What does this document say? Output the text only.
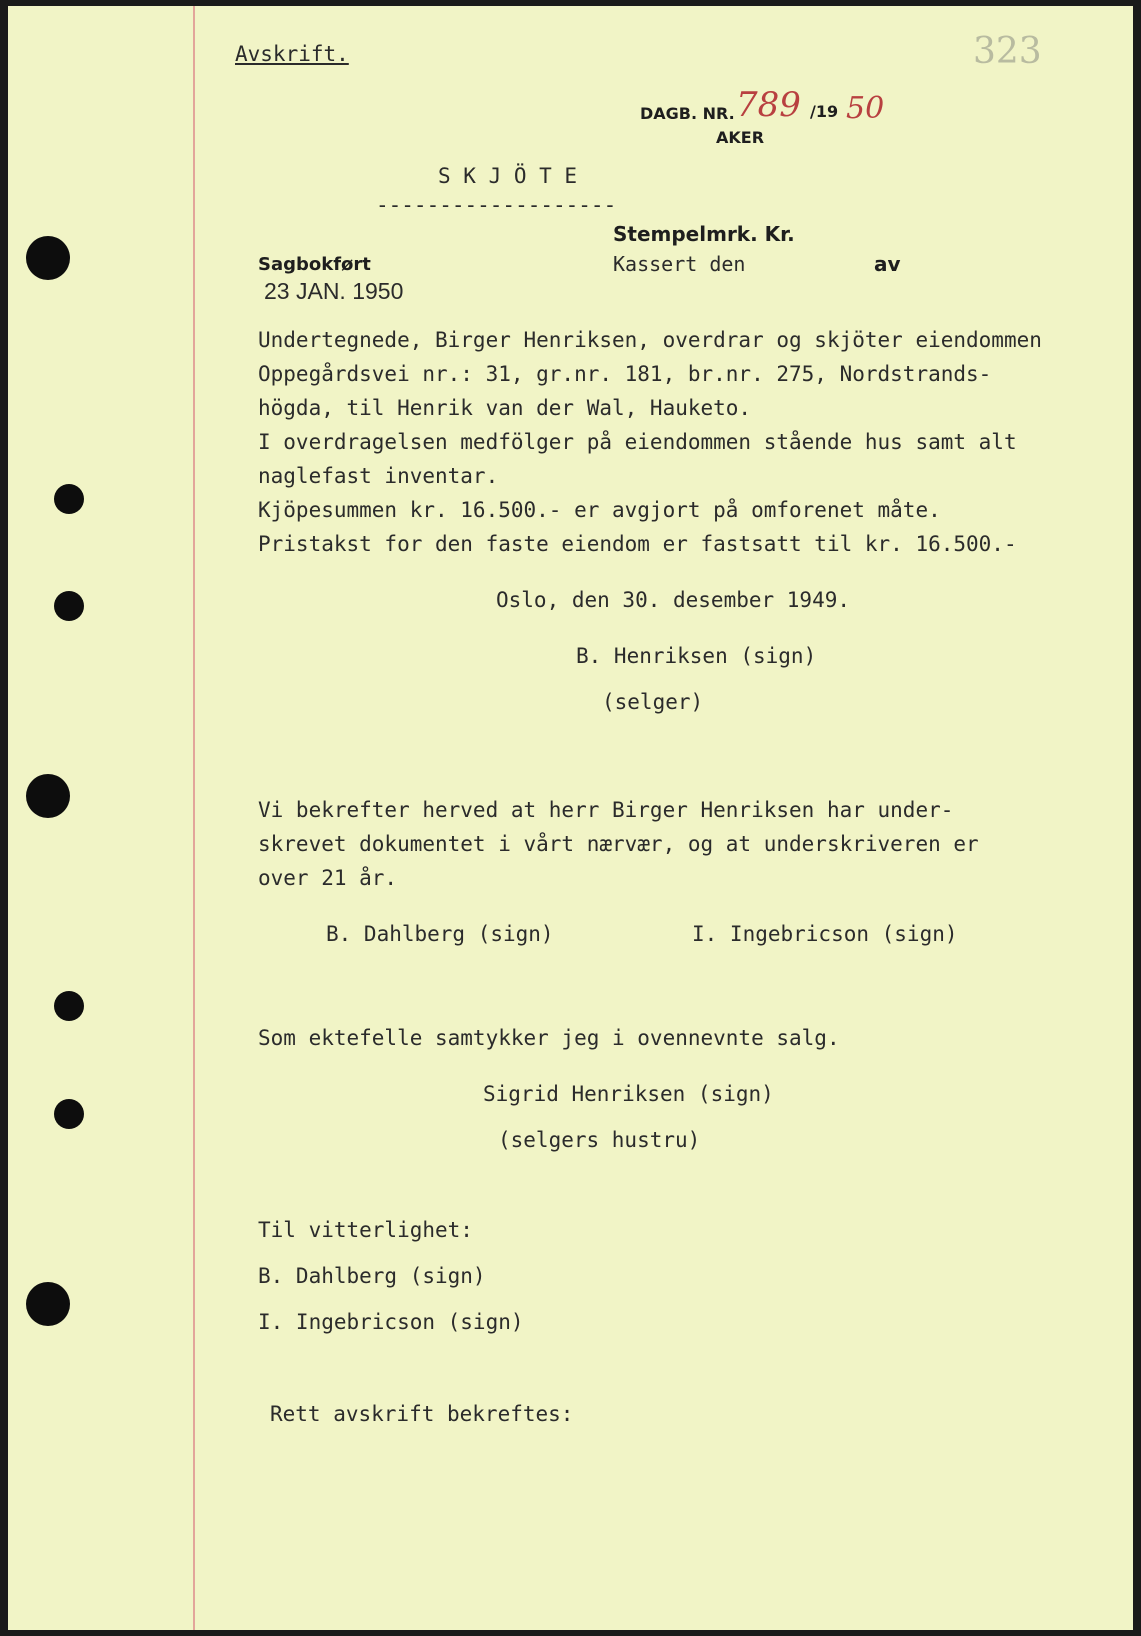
Avskrift.	323
DAGB. NR. 789 /19 50
AKER
S K J Ö T E
-------------------
Stempelmrk. Kr.
Kassert den	av
Sagbokført
23 JAN. 1950
Undertegnede, Birger Henriksen, overdrar og skjöter eiendommen
Oppegårdsvei nr.: 31, gr.nr. 181, br.nr. 275, Nordstrands-
högda, til Henrik van der Wal, Hauketo.
I overdragelsen medfölger på eiendommen stående hus samt alt
naglefast inventar.
Kjöpesummen kr. 16.500.- er avgjort på omforenet måte.
Pristakst for den faste eiendom er fastsatt til kr. 16.500.-
Oslo, den 30. desember 1949.
B. Henriksen (sign)
(selger)
Vi bekrefter herved at herr Birger Henriksen har under-
skrevet dokumentet i vårt nærvær, og at underskriveren er
over 21 år.
B. Dahlberg (sign)	I. Ingebricson (sign)
Som ektefelle samtykker jeg i ovennevnte salg.
Sigrid Henriksen (sign)
(selgers hustru)
Til vitterlighet:
B. Dahlberg (sign)
I. Ingebricson (sign)
Rett avskrift bekreftes:
